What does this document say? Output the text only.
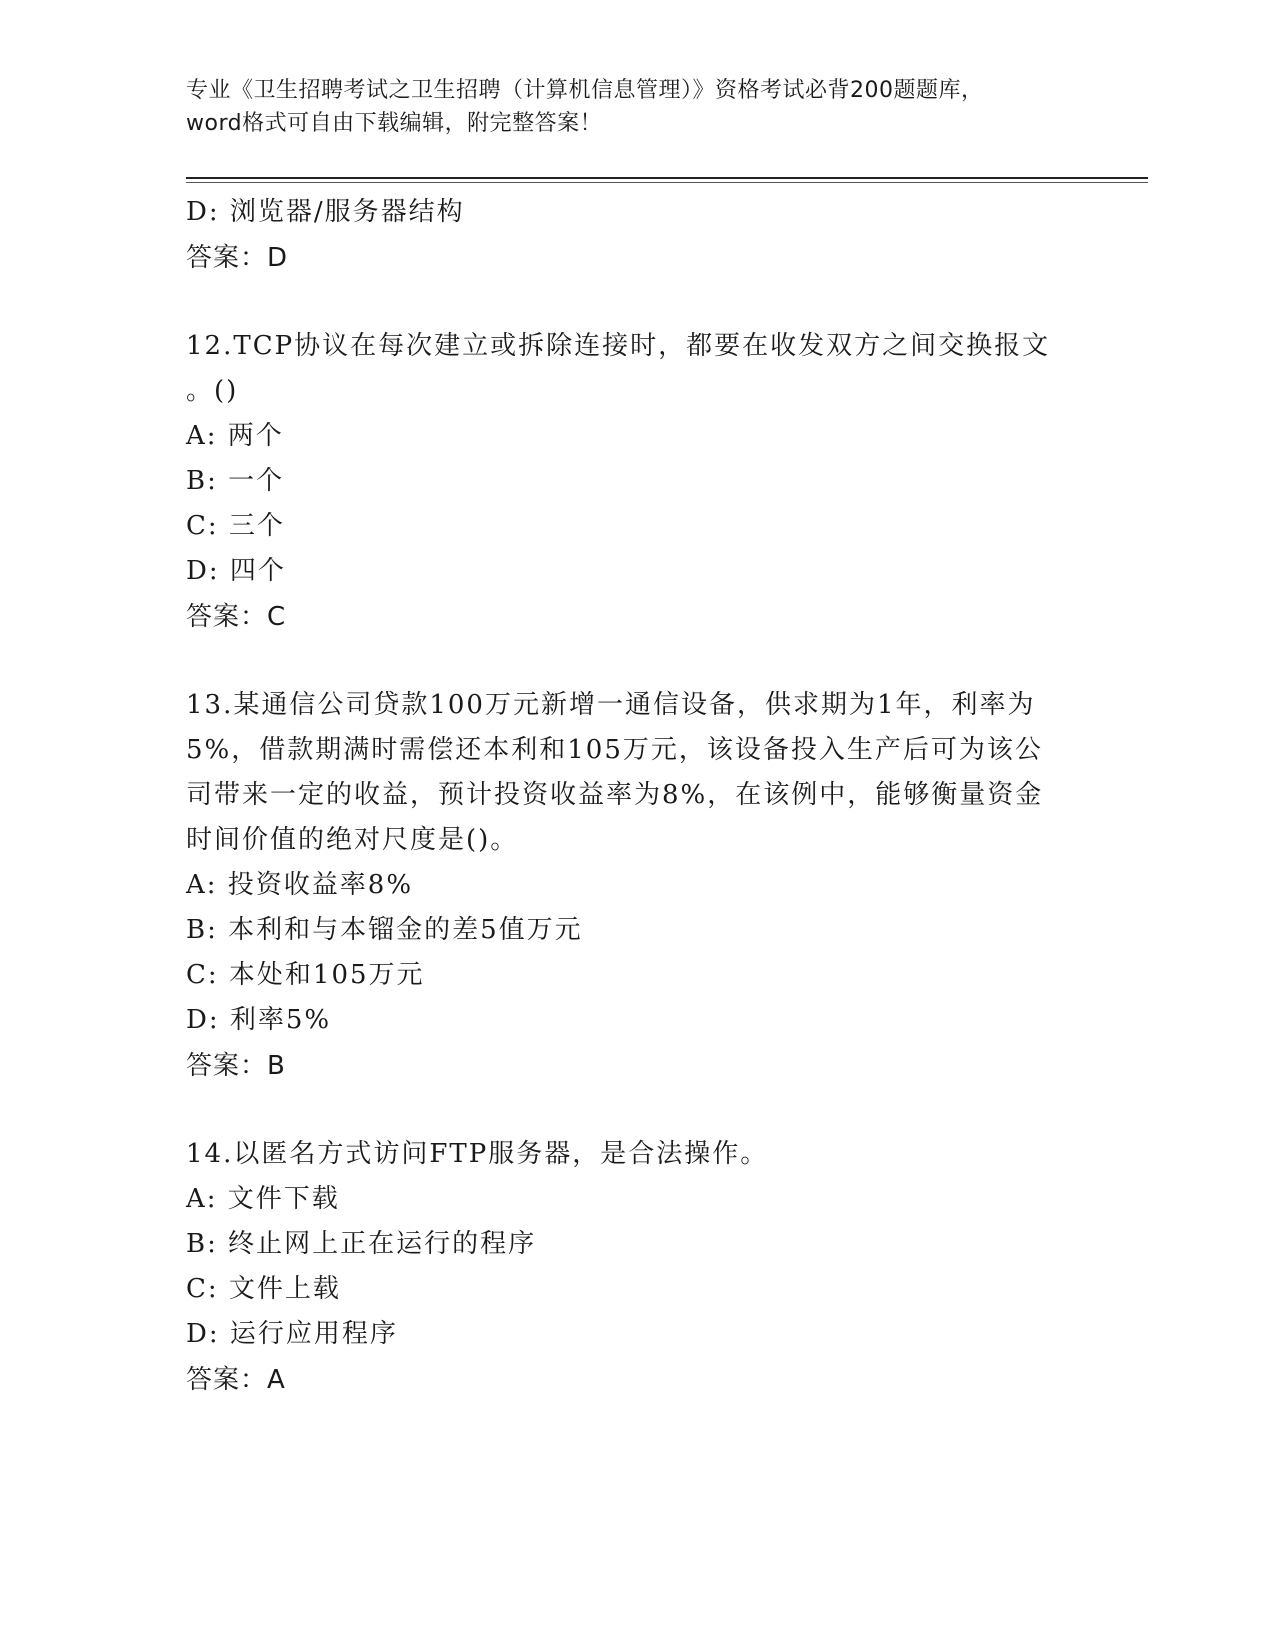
专业《卫生招聘考试之卫生招聘（计算机信息管理）》资格考试必背200题题库，
word格式可自由下载编辑，附完整答案！
D: 浏览器/服务器结构
答案：D
12.TCP协议在每次建立或拆除连接时，都要在收发双方之间交换报文
。()
A: 两个
B: 一个
C: 三个
D: 四个
答案：C
13.某通信公司贷款100万元新增一通信设备，供求期为1年，利率为
5%，借款期满时需偿还本利和105万元，该设备投入生产后可为该公
司带来一定的收益，预计投资收益率为8%，在该例中，能够衡量资金
时间价值的绝对尺度是()。
A: 投资收益率8%
B: 本利和与本镏金的差5值万元
C: 本处和105万元
D: 利率5%
答案：B
14.以匿名方式访问FTP服务器，是合法操作。
A: 文件下载
B: 终止网上正在运行的程序
C: 文件上载
D: 运行应用程序
答案：A
